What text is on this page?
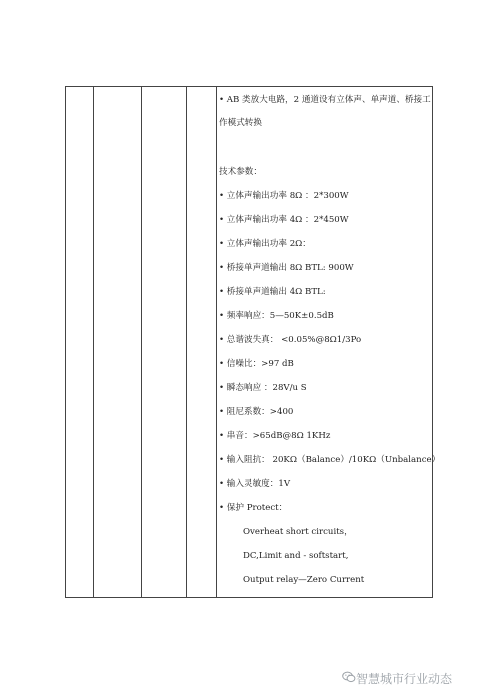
• AB 类放大电路，2 通道设有立体声、单声道、桥接工
作模式转换
技术参数：
• 立体声输出功率 8Ω ：2*300W
• 立体声输出功率 4Ω ：2*450W
• 立体声输出功率 2Ω：
• 桥接单声道输出 8Ω BTL: 900W
• 桥接单声道输出 4Ω BTL:
• 频率响应：5—50K±0.5dB
• 总谐波失真： <0.05%@8Ω1/3Po
• 信噪比：>97 dB
• 瞬态响应 ：28V/u S
• 阻尼系数：>400
• 串音：>65dB@8Ω 1KHz
• 输入阻抗： 20KΩ（Balance）/10KΩ（Unbalance）
• 输入灵敏度：1V
• 保护 Protect：
Overheat short circuits，
DC,Limit and - softstart,
Output relay—Zero Current
智慧城市行业动态
